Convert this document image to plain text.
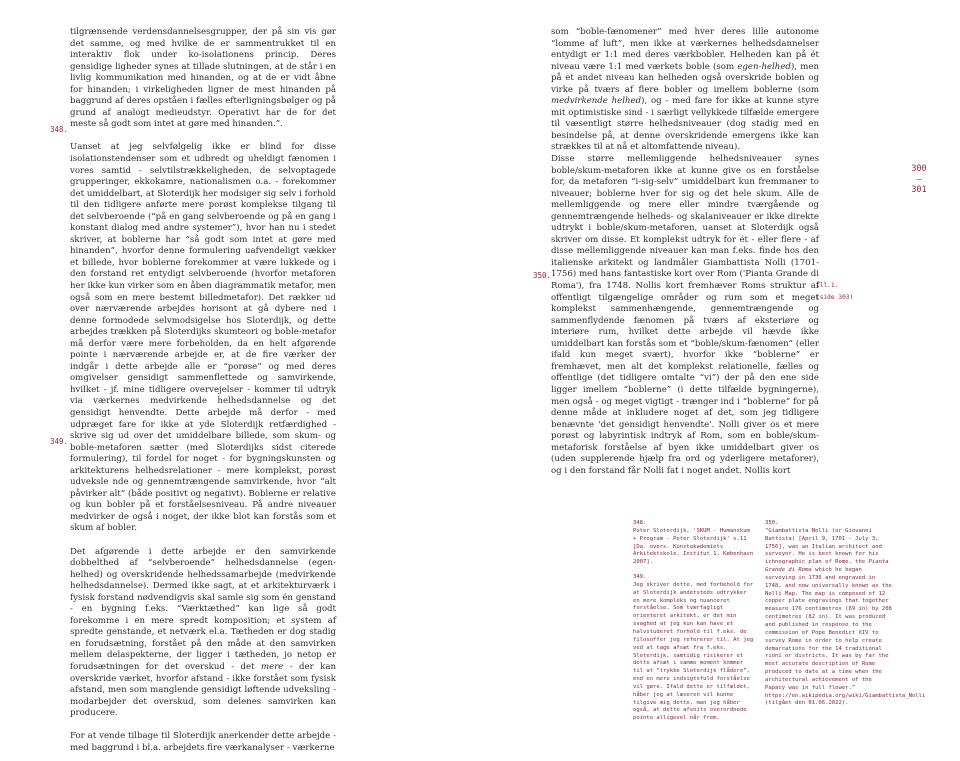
tilgrænsende verdensdannelsesgrupper, der på sin vis gør det samme, og med hvilke de er sammentrukket til en interaktiv flok under ko-isolationens princip. Deres gensidige ligheder synes at tillade slutningen, at de står i en livlig kommunikation med hinanden, og at de er vidt åbne for hinanden; i virkeligheden ligner de mest hinanden på baggrund af deres opståen i fælles efterligningsbølger og på grund af analogt medieudstyr. Operativt har de for det meste så godt som intet at gøre med hinanden.”.

Uanset at jeg selvfølgelig ikke er blind for disse isolationstendenser som et udbredt og uheldigt fænomen i vores samtid - selvtilstrækkeligheden, de selvoptagede grupperinger, ekkokamre, nationalismen o.a. - forekommer det umiddelbart, at Sloterdijk her modsiger sig selv i forhold til den tidligere anførte mere porøst komplekse tilgang til det selvberoende (“på en gang selvberoende og på en gang i konstant dialog med andre systemer”), hvor han nu i stedet skriver, at boblerne har “så godt som intet at gøre med hinanden”, hvorfor denne formulering uafvendeligt vækker et billede, hvor boblerne forekommer at være lukkede og i den forstand ret entydigt selvberoende (hvorfor metaforen her ikke kun virker som en åben diagrammatik metafor, men også som en mere bestemt billedmetafor). Det rækker ud over nærværende arbejdes horisont at gå dybere ned i denne formodede selvmodsigelse hos Sloterdijk, og dette arbejdes trækken på Sloterdijks skumteori og boble-metafor må derfor være mere forbeholden, da en helt afgørende pointe i nærværende arbejde er, at de fire værker der indgår i dette arbejde alle er “porøse” og med deres omgivelser gensidigt sammenflettede og samvirkende, hvilket - jf. mine tidligere overvejelser - kommer til udtryk via værkernes medvirkende helhedsdannelse og det gensidigt henvendte. Dette arbejde må derfor - med udpræget fare for ikke at yde Sloterdijk retfærdighed - skrive sig ud over det umiddelbare billede, som skum- og boble-metaforen sætter (med Sloterdijks sidst citerede formulering), til fordel for noget - for bygningskunsten og arkitekturens helhedsrelationer - mere komplekst, porøst udveksle nde og gennemtrængende samvirkende, hvor “alt påvirker alt” (både positivt og negativt). Boblerne er relative og kun bobler på et forståelsesniveau. På andre niveauer medvirker de også i noget, der ikke blot kan forstås som et skum af bobler.

Det afgørende i dette arbejde er den samvirkende dobbelthed af “selvberoende” helhedsdannelse (egen-helhed) og overskridende helhedssamarbejde (medvirkende helhedsdannelse). Dermed ikke sagt, at et arkitekturværk i fysisk forstand nødvendigvis skal samle sig som én genstand - en bygning f.eks. “Værktæthed” kan lige så godt forekomme i en mere spredt komposition; et system af spredte genstande, et netværk el.a. Tætheden er dog stadig en forudsætning, forstået på den måde at den samvirken mellem delaspekterne, der ligger i tætheden, jo netop er forudsætningen for det overskud - det mere - der kan overskride værket, hvorfor afstand - ikke forstået som fysisk afstand, men som manglende gensidigt løftende udveksling - modarbejder det overskud, som delenes samvirken kan producere.

For at vende tilbage til Sloterdijk anerkender dette arbejde - med baggrund i bl.a. arbejdets fire værkanalyser - værkerne

348.
349.

som “boble-fænomener” med hver deres lille autonome “lomme af luft”, men ikke at værkernes helhedsdannelser entydigt er 1:1 med deres værkbobler. Helheden kan på ét niveau være 1:1 med værkets boble (som egen-helhed), men på et andet niveau kan helheden også overskride boblen og virke på tværs af flere bobler og imellem boblerne (som medvirkende helhed), og - med fare for ikke at kunne styre mit optimistiske sind - i særligt vellykkede tilfælde emergere til væsentligt større helhedsniveauer (dog stadig med en besindelse på, at denne overskridende emergens ikke kan strækkes til at nå et altomfattende niveau).

Disse større mellemliggende helhedsniveauer synes boble/skum-metaforen ikke at kunne give os en forståelse for, da metaforen “i-sig-selv” umiddelbart kun fremmaner to niveauer; boblerne hver for sig og det hele skum. Alle de mellemliggende og mere eller mindre tværgående og gennemtrængende helheds- og skalaniveauer er ikke direkte udtrykt i boble/skum-metaforen, uanset at Sloterdijk også skriver om disse. Et komplekst udtryk for ét - eller flere - af disse mellemliggende niveauer kan man f.eks. finde hos den italienske arkitekt og landmåler Giambattista Nolli (1701-1756) med hans fantastiske kort over Rom ('Pianta Grande di Roma'), fra 1748. Nollis kort fremhæver Roms struktur af offentligt tilgængelige områder og rum som et meget komplekst sammenhængende, gennemtrængende og sammenflydende fænomen på tværs af eksteriøre og interiøre rum, hvilket dette arbejde vil hævde ikke umiddelbart kan forstås som et “boble/skum-fænomen” (eller ifald kun meget svært), hvorfor ikke “boblerne” er fremhævet, men alt det komplekst relationelle, fælles og offentlige (det tidligere omtalte “vi”) der på den ene side ligger imellem “boblerne” (i dette tilfælde bygningerne), men også - og meget vigtigt - trænger ind i “boblerne” for på denne måde at inkludere noget af det, som jeg tidligere benævnte 'det gensidigt henvendte'. Nolli giver os et mere porøst og labyrintisk indtryk af Rom, som en boble/skum-metaforisk forståelse af byen ikke umiddelbart giver os (uden supplerende hjælp fra ord og yderligere metaforer), og i den forstand får Nolli fat i noget andet. Nollis kort

350.
300
—
301
Ill.1.
(side 303)
348.

Peter Sloterdijk, 'SKUM - Humanskum + Program - Peter Sloterdijk' s.11 [Da. overs. Kunstakademiets Arkitektskole, Institut 1, København 2007].

349.

Jeg skriver dette, med forbehold for at Sloterdijk andetsteds udtrykker en mere kompleks og nuanceret forståelse. Som tværfagligt orienteret arkitekt, er det min svaghed at jeg kun kan have et halvstuderet forhold til f.eks. de filosoffer jeg refererer til. At jeg ved at tage afsæt fra f.eks. Sloterdijk, samtidig risikerer et dette afsæt i samme moment kommer til at “trykke Sloterdijk flådere”, end en mere indsigtsfuld forståelse vil gøre. Ifald dette er tilfældet, håber jeg at læseren vil kunne tilgive mig dette, man jeg håber også, at dette afsnits overordnede pointe alligevel når frem.

350.

“Giambattista Nolli (or Giovanni Battista) [April 9, 1701 - July 3, 1756], was an Italian architect and surveyor. He is best known for his ichnographic plan of Rome, the Pianta Grande di Roma which he began surveying in 1736 and engraved in 1748, and now universally known as the Nolli Map. The map is composed of 12 copper plate engravings that together measure 176 centimetres (69 in) by 208 centimetres (82 in). It was produced and published in response to the commission of Pope Benedict XIV to survey Rome in order to help create demarcations for the 14 traditional rioni or districts. It was by far the most accurate description of Rome produced to date at a time when the architectural achievement of the Papacy was in full flower.” https://en.wikipedia.org/wiki/Giambattista_Nolli (tilgået den 01.06.2022).
